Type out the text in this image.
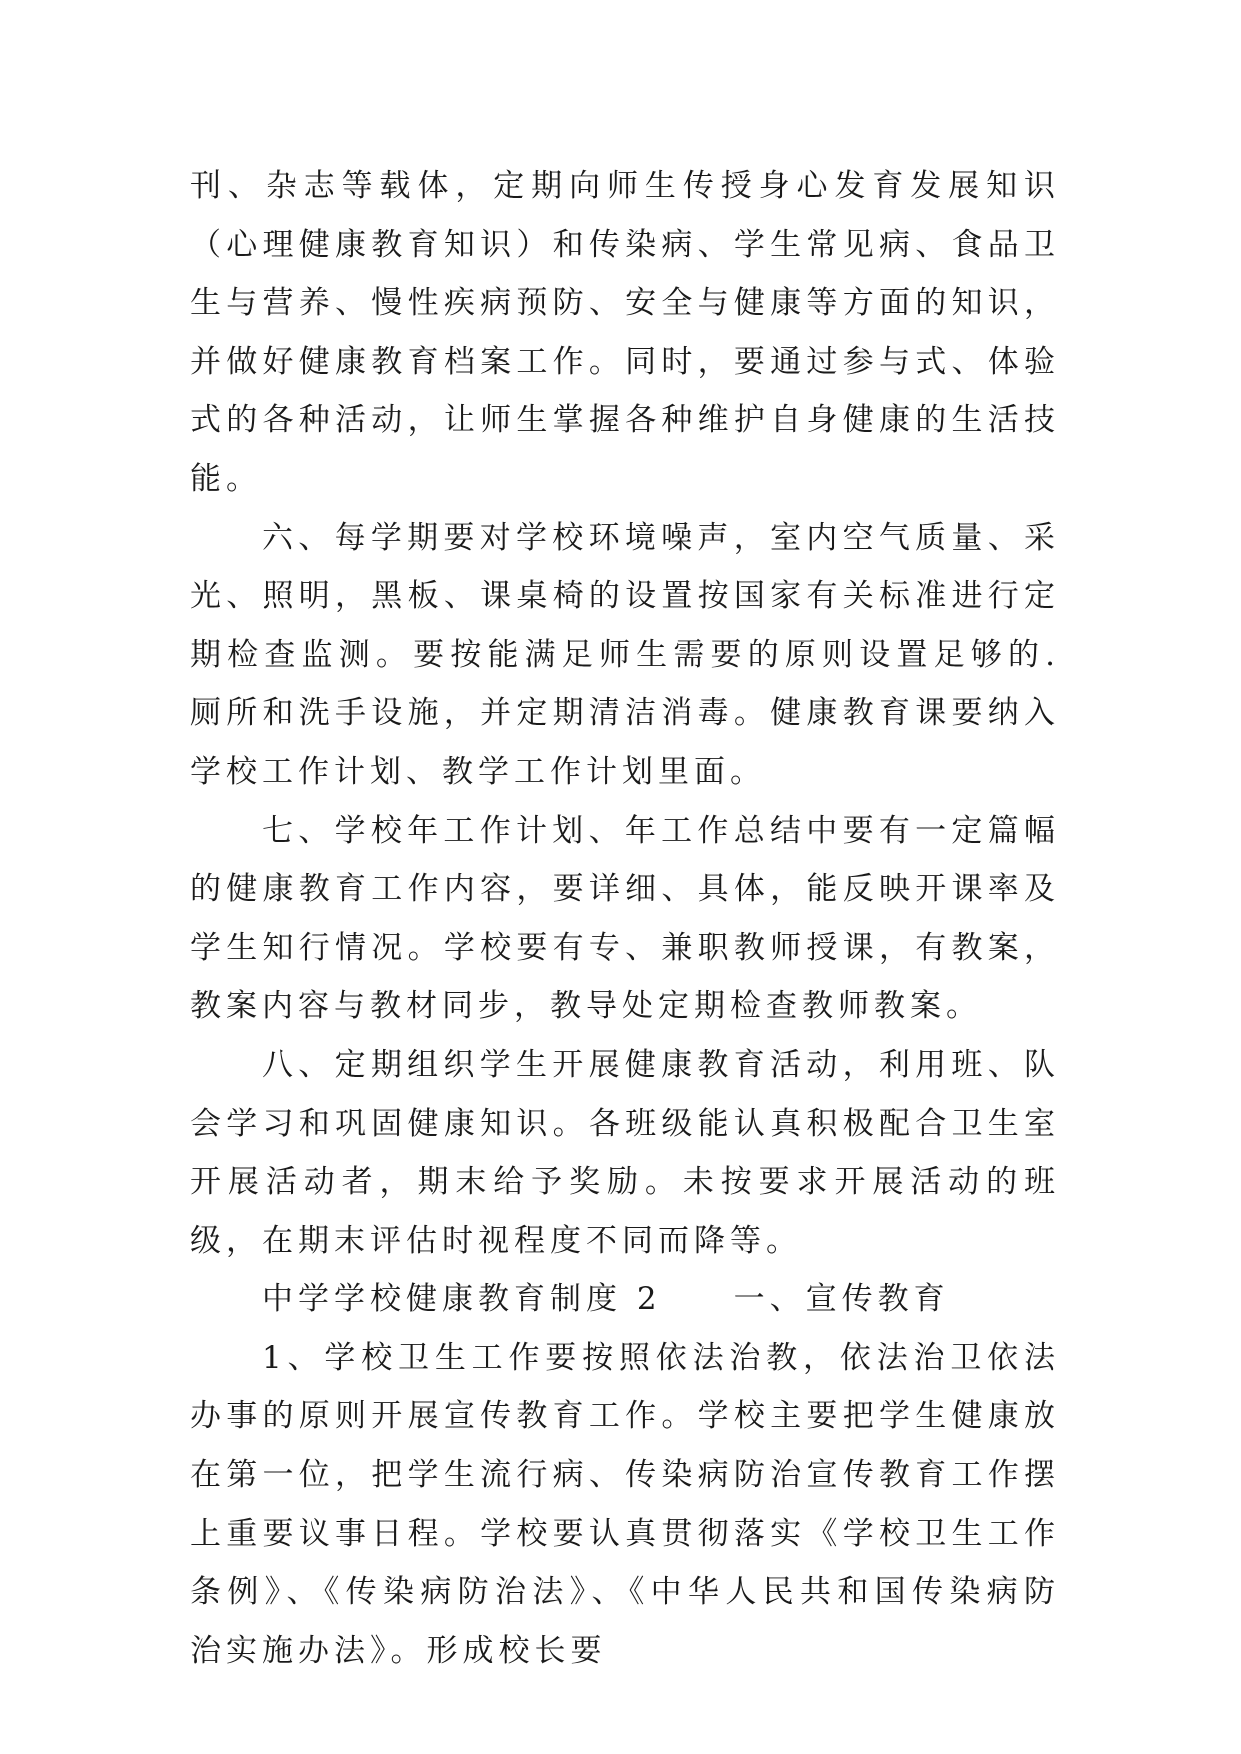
刊、杂志等载体，定期向师生传授身心发育发展知识（心理健康教育知识）和传染病、学生常见病、食品卫生与营养、慢性疾病预防、安全与健康等方面的知识，并做好健康教育档案工作。同时，要通过参与式、体验式的各种活动，让师生掌握各种维护自身健康的生活技能。

六、每学期要对学校环境噪声，室内空气质量、采光、照明，黑板、课桌椅的设置按国家有关标准进行定期检查监测。要按能满足师生需要的原则设置足够的.厕所和洗手设施，并定期清洁消毒。健康教育课要纳入学校工作计划、教学工作计划里面。

七、学校年工作计划、年工作总结中要有一定篇幅的健康教育工作内容，要详细、具体，能反映开课率及学生知行情况。学校要有专、兼职教师授课，有教案，教案内容与教材同步，教导处定期检查教师教案。

八、定期组织学生开展健康教育活动，利用班、队会学习和巩固健康知识。各班级能认真积极配合卫生室开展活动者，期末给予奖励。未按要求开展活动的班级，在期末评估时视程度不同而降等。

中学学校健康教育制度 2　　一、宣传教育

1、学校卫生工作要按照依法治教，依法治卫依法办事的原则开展宣传教育工作。学校主要把学生健康放在第一位，把学生流行病、传染病防治宣传教育工作摆上重要议事日程。学校要认真贯彻落实《学校卫生工作条例》、《传染病防治法》、《中华人民共和国传染病防治实施办法》。形成校长要
